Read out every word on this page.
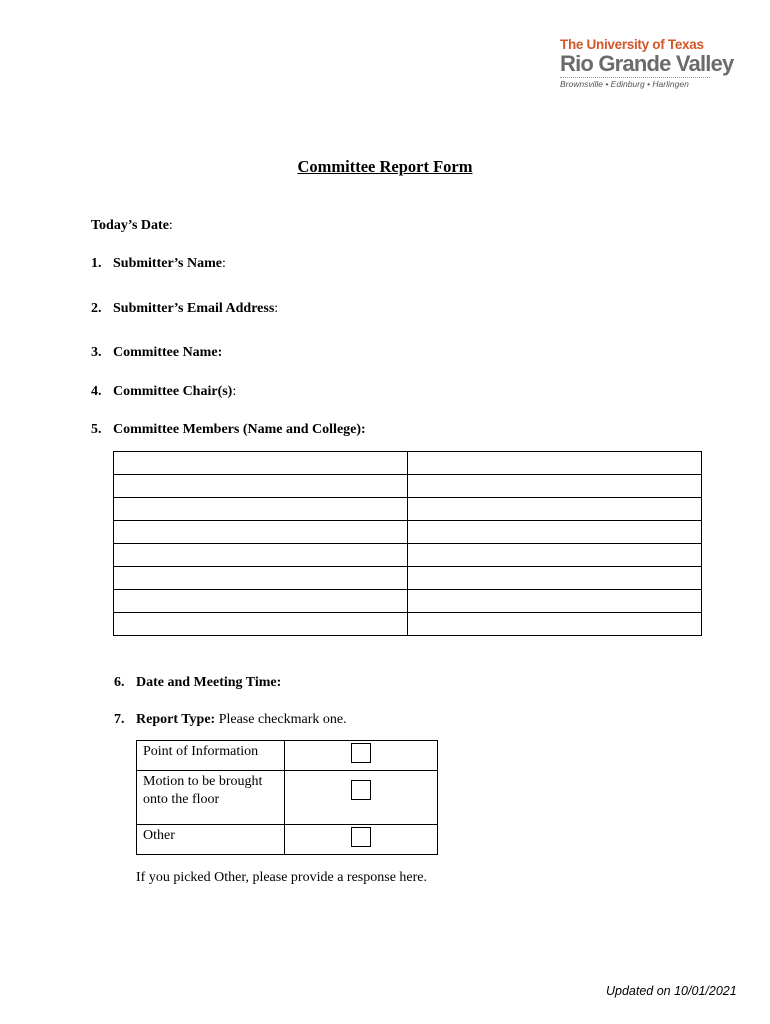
The University of Texas
Rio Grande Valley
Brownsville • Edinburg • Harlingen
Committee Report Form
Today’s Date:
1. Submitter’s Name:
2. Submitter’s Email Address:
3. Committee Name:
4. Committee Chair(s):
5. Committee Members (Name and College):

6. Date and Meeting Time:
7. Report Type: Please checkmark one.
Point of Information	
Motion to be brought onto the floor	
Other	
If you picked Other, please provide a response here.
Updated on 10/01/2021
